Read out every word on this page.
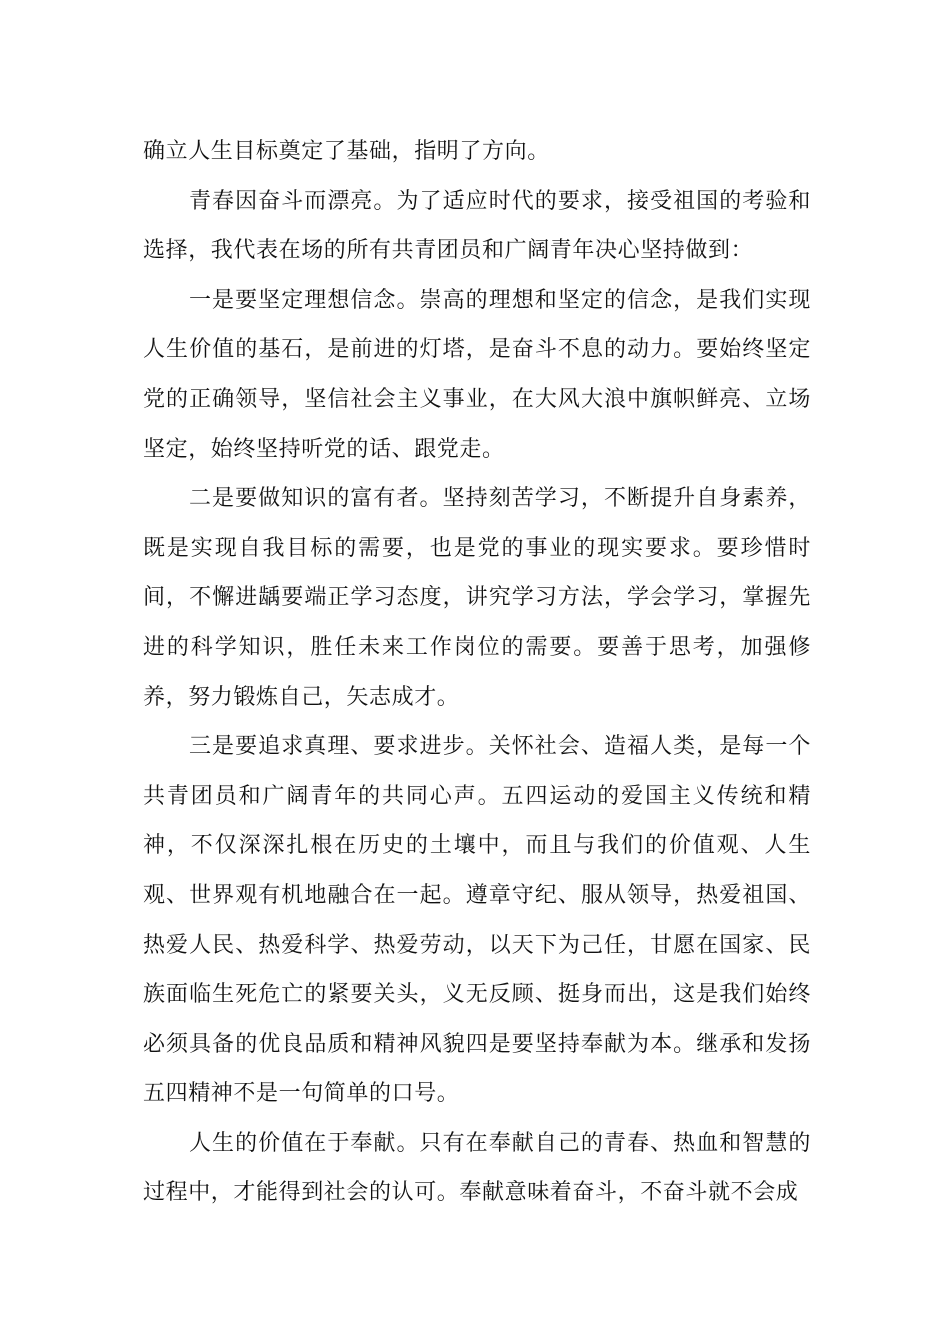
确立人生目标奠定了基础，指明了方向。

青春因奋斗而漂亮。为了适应时代的要求，接受祖国的考验和选择，我代表在场的所有共青团员和广阔青年决心坚持做到：

一是要坚定理想信念。崇高的理想和坚定的信念，是我们实现人生价值的基石，是前进的灯塔，是奋斗不息的动力。要始终坚定党的正确领导，坚信社会主义事业，在大风大浪中旗帜鲜亮、立场坚定，始终坚持听党的话、跟党走。

二是要做知识的富有者。坚持刻苦学习，不断提升自身素养，既是实现自我目标的需要，也是党的事业的现实要求。要珍惜时间，不懈进龋要端正学习态度，讲究学习方法，学会学习，掌握先进的科学知识，胜任未来工作岗位的需要。要善于思考，加强修养，努力锻炼自己，矢志成才。

三是要追求真理、要求进步。关怀社会、造福人类，是每一个共青团员和广阔青年的共同心声。五四运动的爱国主义传统和精神，不仅深深扎根在历史的土壤中，而且与我们的价值观、人生观、世界观有机地融合在一起。遵章守纪、服从领导，热爱祖国、热爱人民、热爱科学、热爱劳动，以天下为己任，甘愿在国家、民族面临生死危亡的紧要关头，义无反顾、挺身而出，这是我们始终必须具备的优良品质和精神风貌四是要坚持奉献为本。继承和发扬五四精神不是一句简单的口号。

人生的价值在于奉献。只有在奉献自己的青春、热血和智慧的过程中，才能得到社会的认可。奉献意味着奋斗，不奋斗就不会成
